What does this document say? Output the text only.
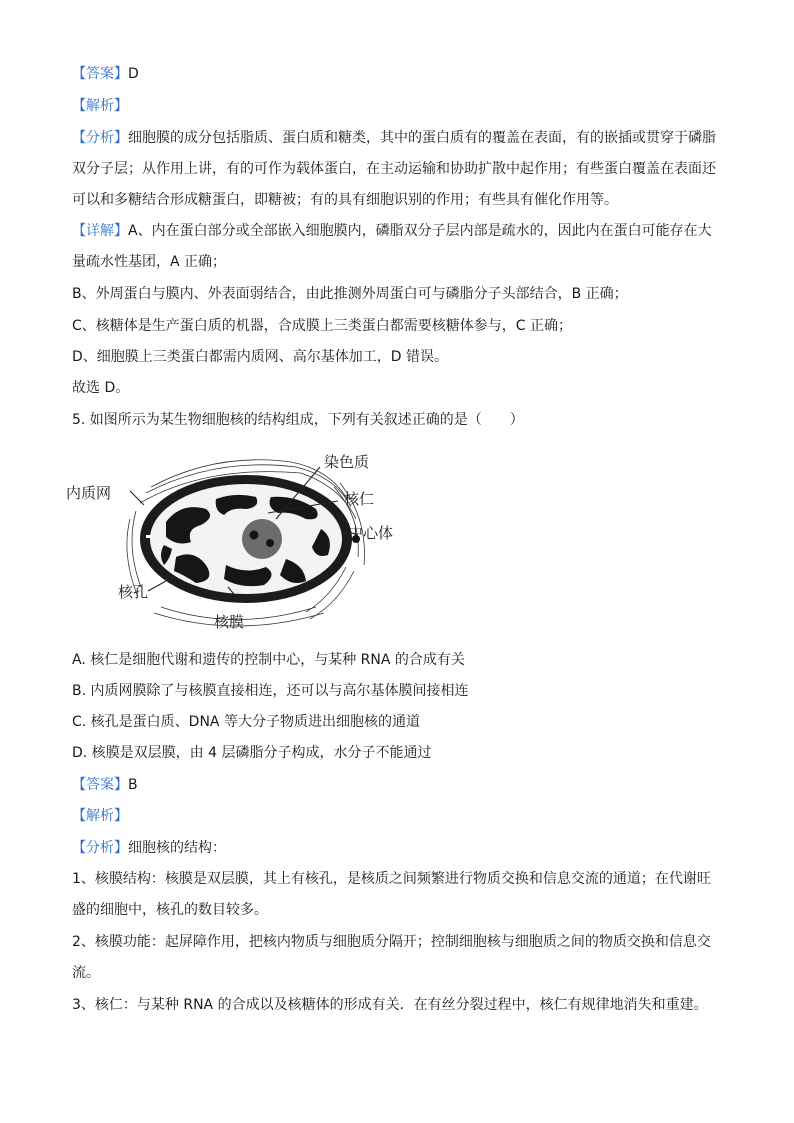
【答案】D
【解析】
【分析】细胞膜的成分包括脂质、蛋白质和糖类，其中的蛋白质有的覆盖在表面，有的嵌插或贯穿于磷脂
双分子层；从作用上讲，有的可作为载体蛋白，在主动运输和协助扩散中起作用；有些蛋白覆盖在表面还
可以和多糖结合形成糖蛋白，即糖被；有的具有细胞识别的作用；有些具有催化作用等。
【详解】A、内在蛋白部分或全部嵌入细胞膜内，磷脂双分子层内部是疏水的，因此内在蛋白可能存在大
量疏水性基团，A 正确；
B、外周蛋白与膜内、外表面弱结合，由此推测外周蛋白可与磷脂分子头部结合，B 正确；
C、核糖体是生产蛋白质的机器，合成膜上三类蛋白都需要核糖体参与，C 正确；
D、细胞膜上三类蛋白都需内质网、高尔基体加工，D 错误。
故选 D。
5. 如图所示为某生物细胞核的结构组成，下列有关叙述正确的是（　　）
染色质
核仁
中心体
内质网
核孔
核膜
A. 核仁是细胞代谢和遗传的控制中心，与某种 RNA 的合成有关
B. 内质网膜除了与核膜直接相连，还可以与高尔基体膜间接相连
C. 核孔是蛋白质、DNA 等大分子物质进出细胞核的通道
D. 核膜是双层膜，由 4 层磷脂分子构成，水分子不能通过
【答案】B
【解析】
【分析】细胞核的结构：
1、核膜结构：核膜是双层膜，其上有核孔，是核质之间频繁进行物质交换和信息交流的通道；在代谢旺
盛的细胞中，核孔的数目较多。
2、核膜功能：起屏障作用，把核内物质与细胞质分隔开；控制细胞核与细胞质之间的物质交换和信息交
流。
3、核仁：与某种 RNA 的合成以及核糖体的形成有关．在有丝分裂过程中，核仁有规律地消失和重建。
